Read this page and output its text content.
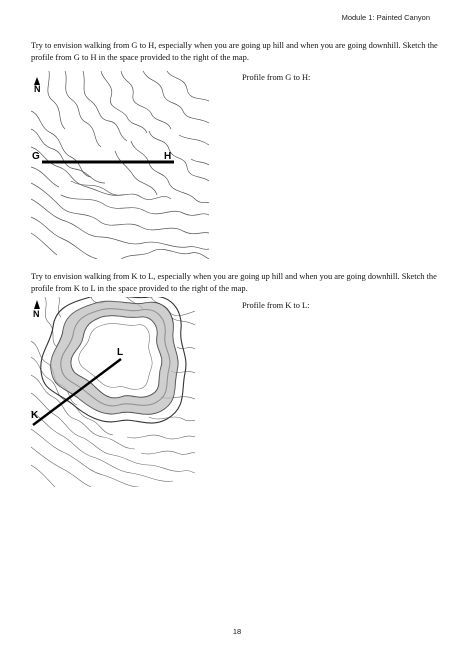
Module 1: Painted Canyon

Try to envision walking from G to H, especially when you are going up hill and when you are going downhill. Sketch the profile from G to H in the space provided to the right of the map.

Profile from G to H:
N
G	H

Try to envision walking from K to L, especially when you are going up hill and when you are going downhill. Sketch the profile from K to L in the space provided to the right of the map.

Profile from K to L:
N
K
L
18
